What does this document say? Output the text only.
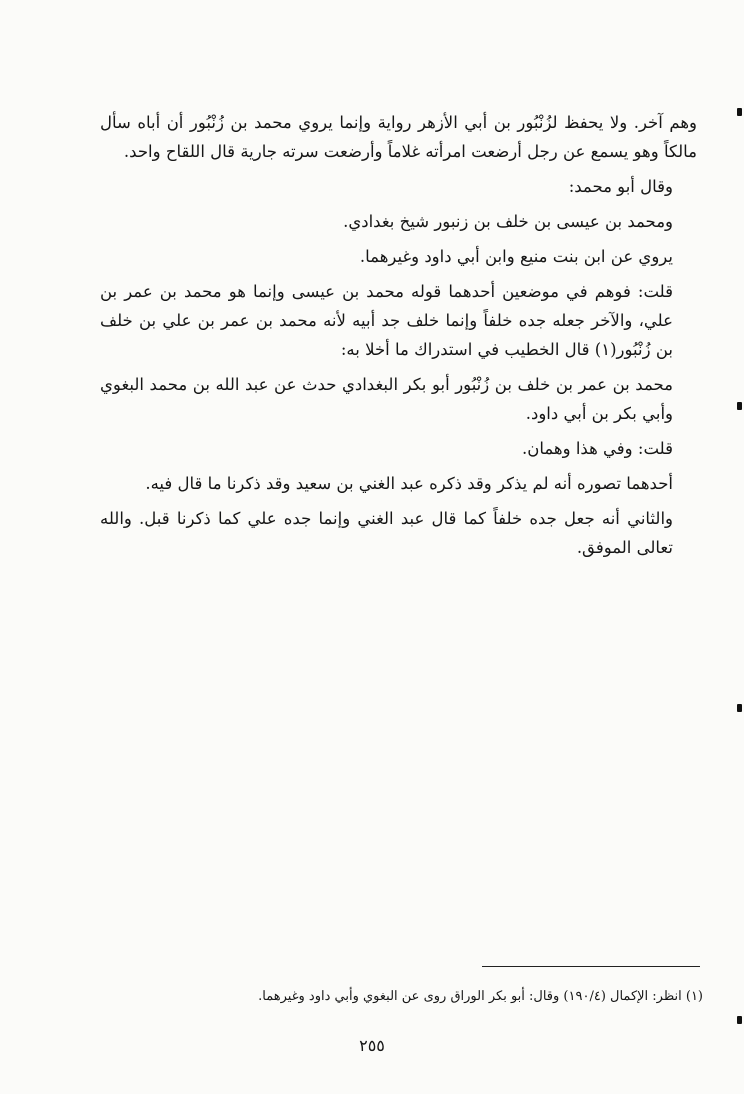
وهم آخر. ولا يحفظ لزُنْبُور بن أبي الأزهر رواية وإنما يروي محمد بن زُنْبُور أن أباه سأل مالكاً وهو يسمع عن رجل أرضعت امرأته غلاماً وأرضعت سرته جارية قال اللقاح واحد.

وقال أبو محمد:

ومحمد بن عيسى بن خلف بن زنبور شيخ بغدادي.

يروي عن ابن بنت منيع وابن أبي داود وغيرهما.

قلت: فوهم في موضعين أحدهما قوله محمد بن عيسى وإنما هو محمد بن عمر بن علي، والآخر جعله جده خلفاً وإنما خلف جد أبيه لأنه محمد بن عمر بن علي بن خلف بن زُنْبُور(١) قال الخطيب في استدراك ما أخلا به:

محمد بن عمر بن خلف بن زُنْبُور أبو بكر البغدادي حدث عن عبد الله بن محمد البغوي وأبي بكر بن أبي داود.

قلت: وفي هذا وهمان.

أحدهما تصوره أنه لم يذكر وقد ذكره عبد الغني بن سعيد وقد ذكرنا ما قال فيه.

والثاني أنه جعل جده خلفاً كما قال عبد الغني وإنما جده علي كما ذكرنا قبل. والله تعالى الموفق.

(١) انظر: الإكمال (١٩٠/٤) وقال: أبو بكر الوراق روى عن البغوي وأبي داود وغيرهما.
٢٥٥
